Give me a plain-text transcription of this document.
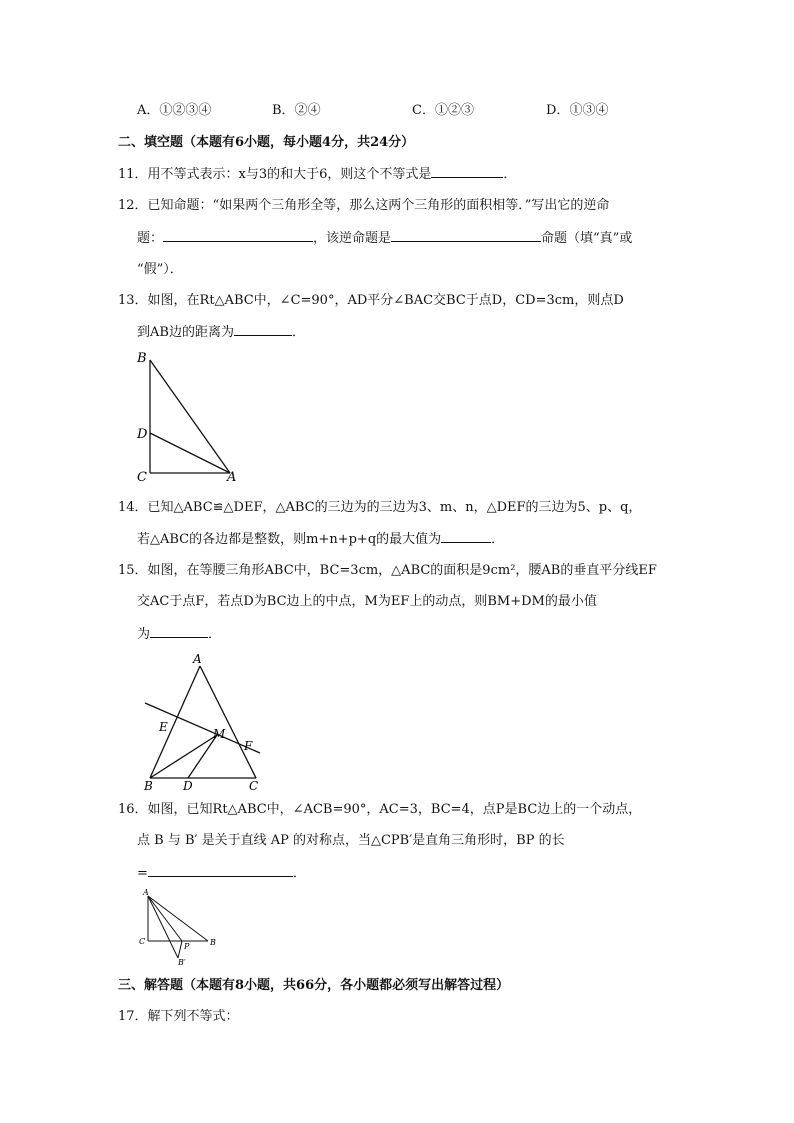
A．①②③④	B．②④	C．①②③	D．①③④
二、填空题（本题有6小题，每小题4分，共24分）
11．用不等式表示：x与3的和大于6，则这个不等式是	．
12．已知命题：“如果两个三角形全等，那么这两个三角形的面积相等．”写出它的逆命
题：	，该逆命题是	命题（填“真”或
“假”）．
13．如图，在Rt△ABC中，∠C=90°，AD平分∠BAC交BC于点D，CD=3cm，则点D
到AB边的距离为	．
B
D
C	A
14．已知△ABC≌△DEF，△ABC的三边为的三边为3、m、n，△DEF的三边为5、p、q，
若△ABC的各边都是整数，则m+n+p+q的最大值为	．
15．如图，在等腰三角形ABC中，BC=3cm，△ABC的面积是9cm²，腰AB的垂直平分线EF
交AC于点F，若点D为BC边上的中点，M为EF上的动点，则BM+DM的最小值
为	．
A
E	M
F
B	D	C
16．如图，已知Rt△ABC中，∠ACB=90°，AC=3，BC=4，点P是BC边上的一个动点，
点 B 与 B′ 是关于直线 AP 的对称点，当△CPB′是直角三角形时，BP 的长
=	．
A
C
P	B
B′
三、解答题（本题有8小题，共66分，各小题都必须写出解答过程）
17．解下列不等式：
